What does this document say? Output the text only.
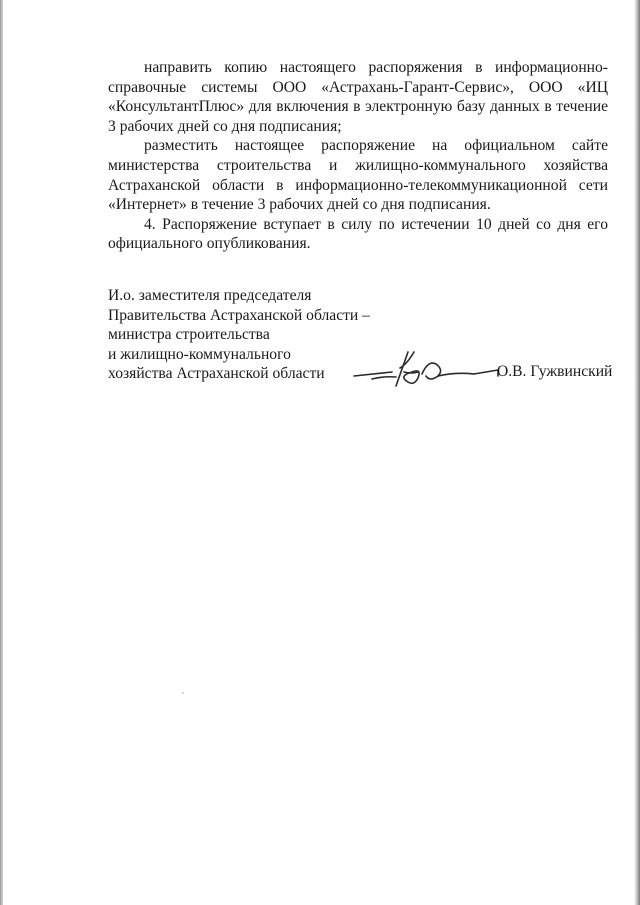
направить копию настоящего распоряжения в информационно-справочные системы ООО «Астрахань-Гарант-Сервис», ООО «ИЦ «КонсультантПлюс» для включения в электронную базу данных в течение 3 рабочих дней со дня подписания;

разместить настоящее распоряжение на официальном сайте министерства строительства и жилищно-коммунального хозяйства Астраханской области в информационно-телекоммуникационной сети «Интернет» в течение 3 рабочих дней со дня подписания.

4. Распоряжение вступает в силу по истечении 10 дней со дня его официального опубликования.

И.о. заместителя председателя
Правительства Астраханской области –
министра строительства
и жилищно-коммунального
хозяйства Астраханской области	О.В. Гужвинский
